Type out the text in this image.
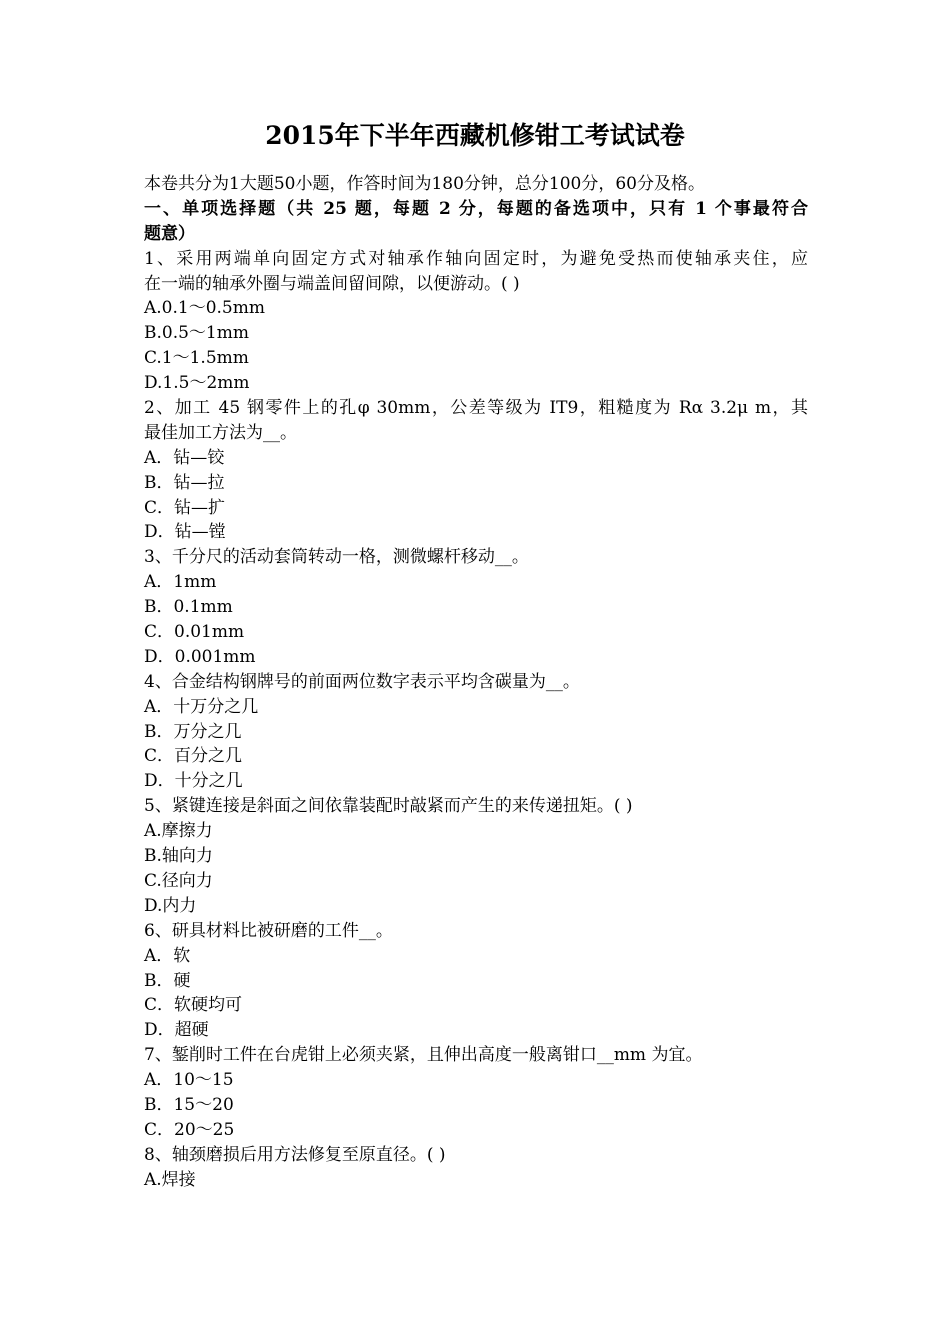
2015年下半年西藏机修钳工考试试卷
本卷共分为1大题50小题，作答时间为180分钟，总分100分，60分及格。
一、单项选择题（共 25 题，每题 2 分，每题的备选项中，只有 1 个事最符合
题意）
1、采用两端单向固定方式对轴承作轴向固定时，为避免受热而使轴承夹住，应
在一端的轴承外圈与端盖间留间隙，以便游动。( )
A.0.1～0.5mm
B.0.5～1mm
C.1～1.5mm
D.1.5～2mm
2、加工 45 钢零件上的孔φ 30mm，公差等级为 IT9，粗糙度为 Rα 3.2μ m，其
最佳加工方法为__。
A．钻—铰
B．钻—拉
C．钻—扩
D．钻—镗
3、千分尺的活动套筒转动一格，测微螺杆移动__。
A．1mm
B．0.1mm
C．0.01mm
D．0.001mm
4、合金结构钢牌号的前面两位数字表示平均含碳量为__。
A．十万分之几
B．万分之几
C．百分之几
D．十分之几
5、紧键连接是斜面之间依靠装配时敲紧而产生的来传递扭矩。( )
A.摩擦力
B.轴向力
C.径向力
D.内力
6、研具材料比被研磨的工件__。
A．软
B．硬
C．软硬均可
D．超硬
7、錾削时工件在台虎钳上必须夹紧，且伸出高度一般离钳口__mm 为宜。
A．10～15
B．15～20
C．20～25
8、轴颈磨损后用方法修复至原直径。( )
A.焊接
